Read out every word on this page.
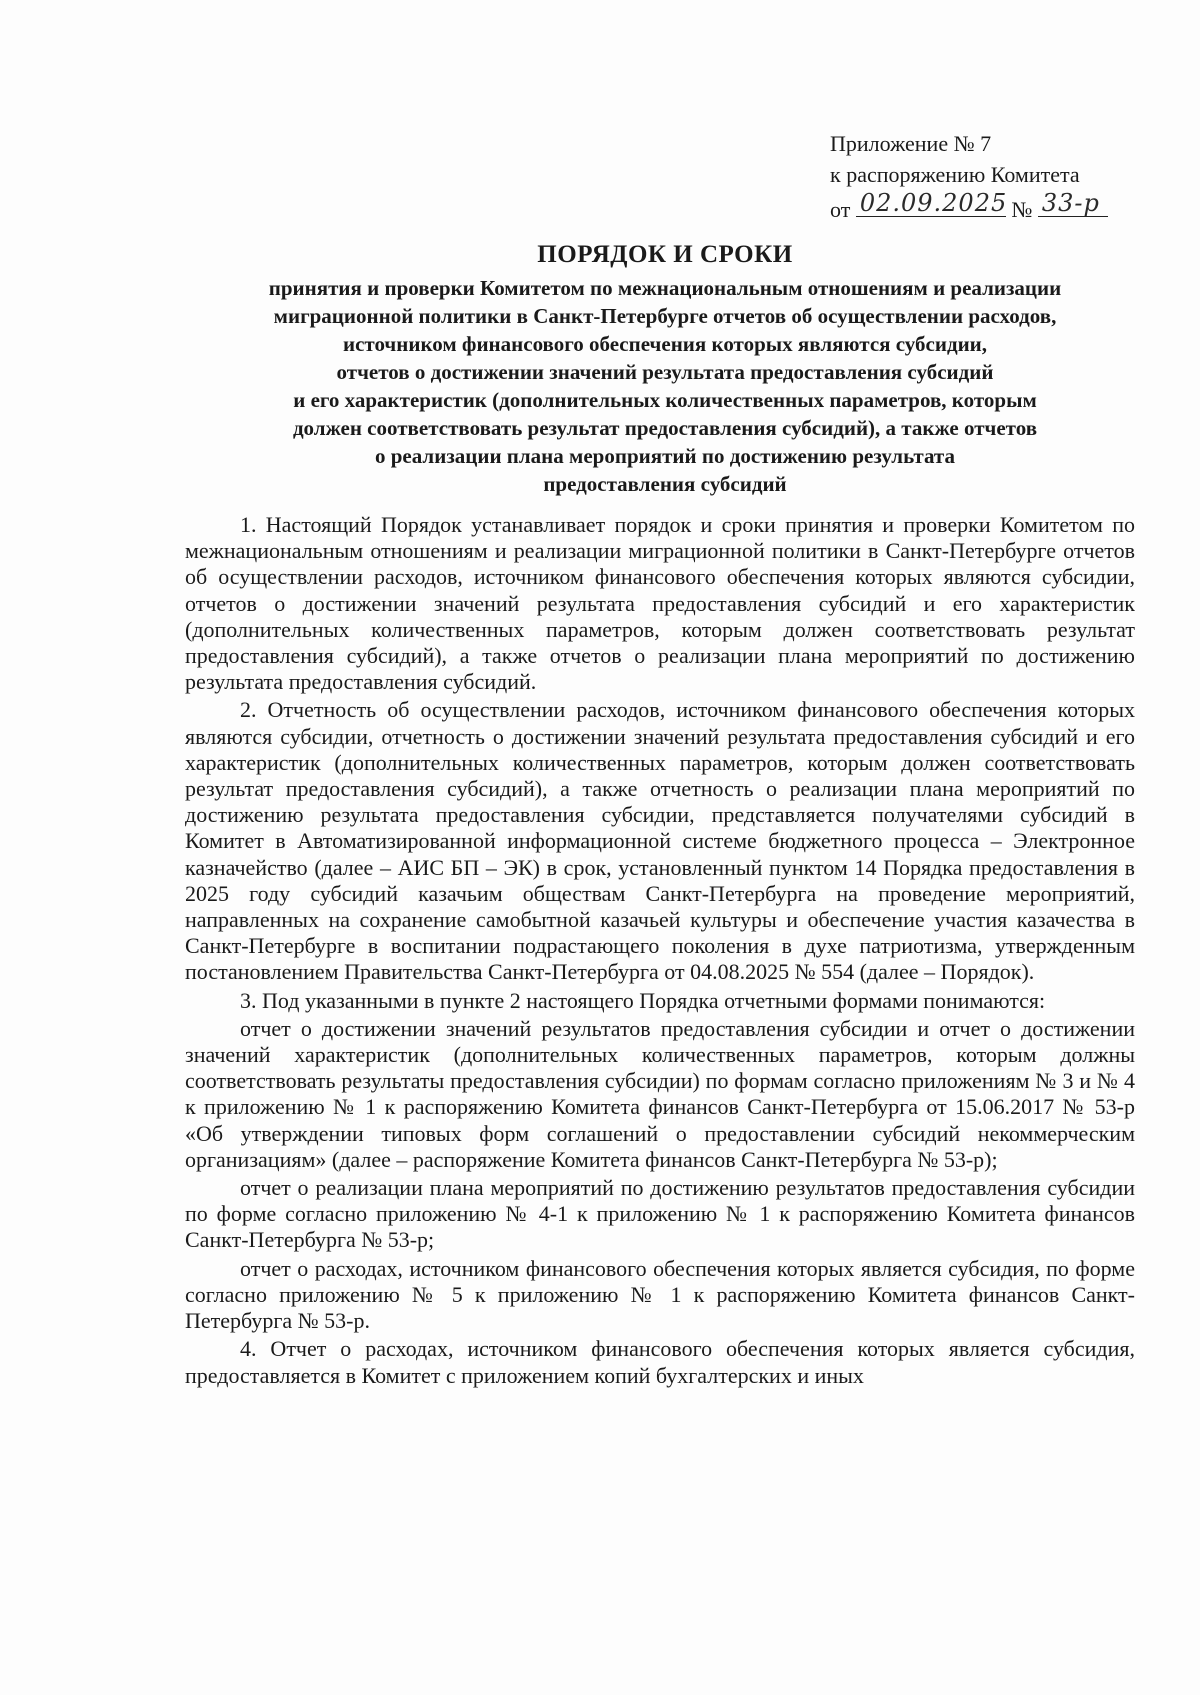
Приложение № 7
к распоряжению Комитета
от 02.09.2025 № 33-р
ПОРЯДОК И СРОКИ
принятия и проверки Комитетом по межнациональным отношениям и реализации
миграционной политики в Санкт-Петербурге отчетов об осуществлении расходов,
источником финансового обеспечения которых являются субсидии,
отчетов о достижении значений результата предоставления субсидий
и его характеристик (дополнительных количественных параметров, которым
должен соответствовать результат предоставления субсидий), а также отчетов
о реализации плана мероприятий по достижению результата
предоставления субсидий

1. Настоящий Порядок устанавливает порядок и сроки принятия и проверки Комитетом по межнациональным отношениям и реализации миграционной политики в Санкт-Петербурге отчетов об осуществлении расходов, источником финансового обеспечения которых являются субсидии, отчетов о достижении значений результата предоставления субсидий и его характеристик (дополнительных количественных параметров, которым должен соответствовать результат предоставления субсидий), а также отчетов о реализации плана мероприятий по достижению результата предоставления субсидий.

2. Отчетность об осуществлении расходов, источником финансового обеспечения которых являются субсидии, отчетность о достижении значений результата предоставления субсидий и его характеристик (дополнительных количественных параметров, которым должен соответствовать результат предоставления субсидий), а также отчетность о реализации плана мероприятий по достижению результата предоставления субсидии, представляется получателями субсидий в Комитет в Автоматизированной информационной системе бюджетного процесса – Электронное казначейство (далее – АИС БП – ЭК) в срок, установленный пунктом 14 Порядка предоставления в 2025 году субсидий казачьим обществам Санкт-Петербурга на проведение мероприятий, направленных на сохранение самобытной казачьей культуры и обеспечение участия казачества в Санкт-Петербурге в воспитании подрастающего поколения в духе патриотизма, утвержденным постановлением Правительства Санкт-Петербурга от 04.08.2025 № 554 (далее – Порядок).

3. Под указанными в пункте 2 настоящего Порядка отчетными формами понимаются:

отчет о достижении значений результатов предоставления субсидии и отчет о достижении значений характеристик (дополнительных количественных параметров, которым должны соответствовать результаты предоставления субсидии) по формам согласно приложениям № 3 и № 4 к приложению № 1 к распоряжению Комитета финансов Санкт-Петербурга от 15.06.2017 № 53-р «Об утверждении типовых форм соглашений о предоставлении субсидий некоммерческим организациям» (далее – распоряжение Комитета финансов Санкт-Петербурга № 53-р);

отчет о реализации плана мероприятий по достижению результатов предоставления субсидии по форме согласно приложению № 4-1 к приложению № 1 к распоряжению Комитета финансов Санкт-Петербурга № 53-р;

отчет о расходах, источником финансового обеспечения которых является субсидия, по форме согласно приложению № 5 к приложению № 1 к распоряжению Комитета финансов Санкт-Петербурга № 53-р.

4. Отчет о расходах, источником финансового обеспечения которых является субсидия, предоставляется в Комитет с приложением копий бухгалтерских и иных
